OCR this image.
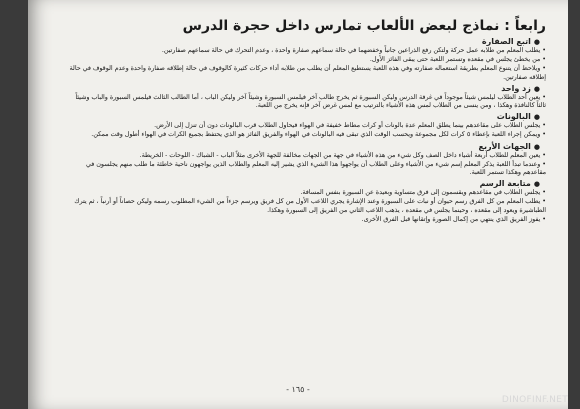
رابعاً : نماذج لبعض الألعاب تمارس داخل حجرة الدرس
●اتبع الصفارة

• يطلب المعلم من طلابه عمل حركة ولتكن رفع الذراعين جانباً وخفضهما في حالة سماعهم صفارة واحدة ، وعدم التحرك في حالة سماعهم صفارتين.

• من يخطئ يجلس في مقعده وتستمر اللعبة حتى يبقى الفائز الأول.

• ويلاحظ أن يتنوع المعلم بطريقة استعماله صفارته وفي هذه اللعبة يستطيع المعلم أن يطلب من طلابه أداء حركات كثيرة كالوقوف في حالة إطلاقه صفارة واحدة وعدم الوقوف في حالة إطلاقه صفارتين.

●زد واحد

• يعين أحد الطلاب ليلمس شيئاً موجوداً في غرفة الدرس وليكن السبورة ثم يخرج طالب آخر فيلمس السبورة وشيئاً آخر وليكن الباب ، أما الطالب الثالث فيلمس السبورة والباب وشيئاً ثالثاً كالنافذة وهكذا ، ومن ينسى من الطلاب لمس هذه الأشياء بالترتيب مع لمس غرض آخر فإنه يخرج من اللعبة.

●البالونات

• يجلس الطلاب على مقاعدهم بينما يطلق المعلم عدة بالونات أو كرات مطاط خفيفة في الهواء فيحاول الطلاب قرب البالونات دون أن تنزل إلى الأرض.

• ويمكن إجراء اللعبة بإعطاء ٥ كرات لكل مجموعة ويحسب الوقت الذي تبقى فيه البالونات في الهواء والفريق الفائز هو الذي يحتفظ بجميع الكرات في الهواء أطول وقت ممكن.

●الجهات الأربع

• يعين المعلم للطلاب أربعة أشياء داخل الصف وكل شيء من هذه الأشياء في جهة من الجهات مخالفة للجهة الأخرى مثلاً الباب - الشباك - اللوحات - الخريطة.

• وعندما تبدأ اللعبة يذكر المعلم إسم شيء من الأشياء وعلى الطلاب أن يواجهوا هذا الشيء الذي يشير إليه المعلم والطلاب الذين يواجهون ناحية خاطئة ما طلب منهم يجلسون في مقاعدهم وهكذا تستمر اللعبة.

●متابعة الرسم

• يجلس الطلاب في مقاعدهم ويقسمون إلى فرق متساوية وبعيدة عن السبورة بنفس المسافة.

• يطلب المعلم من كل الفرق رسم حيوان أو نبات على السبورة وعند الإشارة يجري اللاعب الأول من كل فريق ويرسم جزءاً من الشيء المطلوب رسمه وليكن حصاناً أو أرنباً ، ثم يترك الطباشيرة ويعود إلى مقعده ، وحينما يجلس في مقعده ، يذهب اللاعب الثاني من الفريق إلى السبورة وهكذا.

• يفوز الفريق الذي ينتهي من إكمال الصورة وإتقانها قبل الفرق الأخرى.

- ١٦٥ -
DINOFINF.NET
